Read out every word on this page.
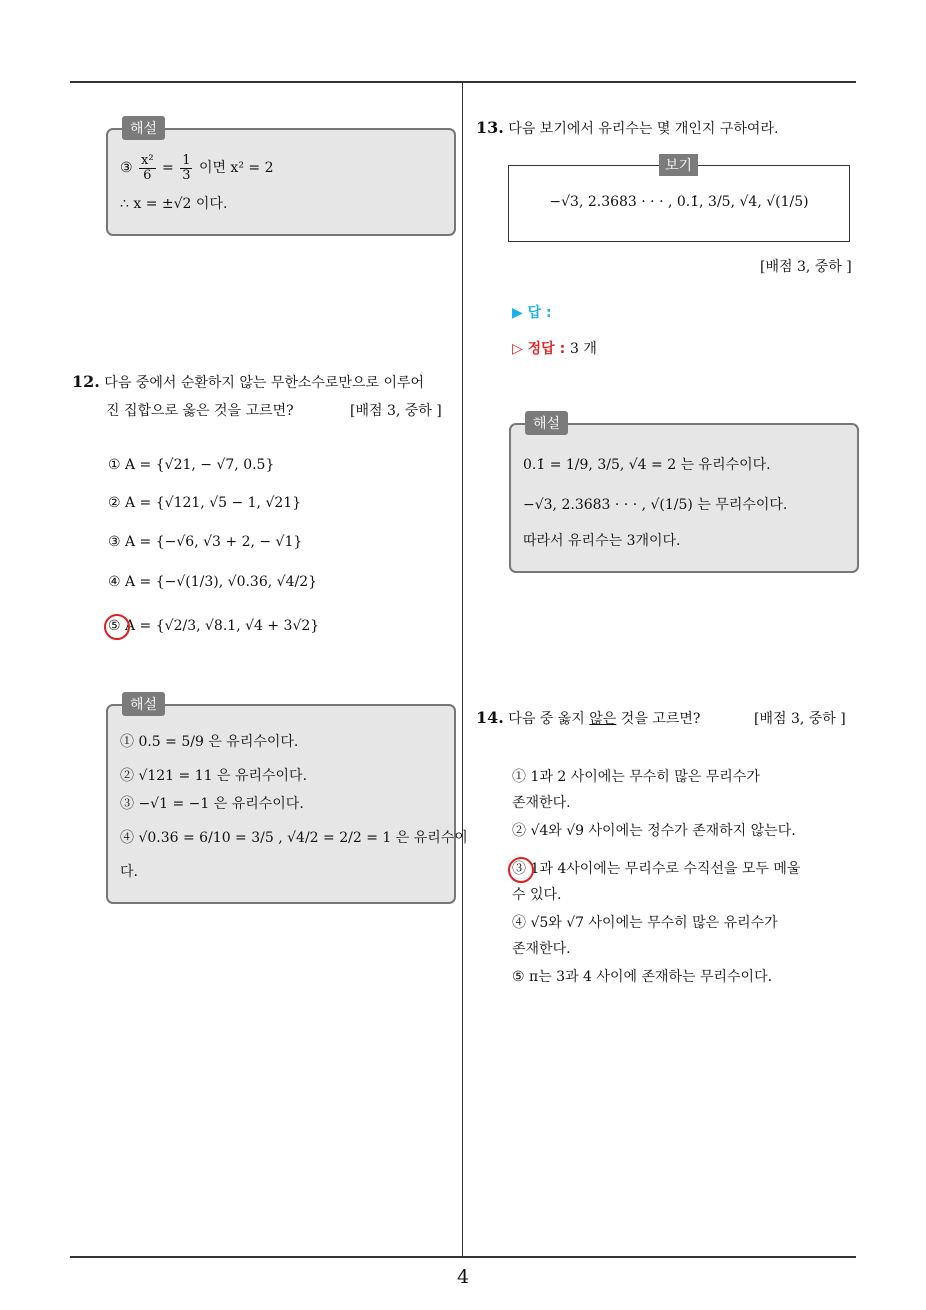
해설
③ $\frac{\text{x²}}{6} = \frac{1}{3}$ 이면 x² = 2
∴ x = ±√2 이다.
12. 다음 중에서 순환하지 않는 무한소수로만으로 이루어
진 집합으로 옳은 것을 고르면?	[배점 3, 중하 ]
① A = {√21, − √7, 0.5̇}
② A = {√121, √5 − 1, √21}
③ A = {−√6, √3 + 2, − √1}
④ A = {−√(1/3), √0.36, √4/2}
⑤ A = {√2/3, √8.1, √4 + 3√2}
해설
① 0.5̇ = 5/9 은 유리수이다.
② √121 = 11 은 유리수이다.
③ −√1 = −1 은 유리수이다.
④ √0.36 = 6/10 = 3/5 , √4/2 = 2/2 = 1 은 유리수이
다.
13. 다음 보기에서 유리수는 몇 개인지 구하여라.
보기
−√3, 2.3683 · · · , 0.1̇, 3/5, √4, √(1/5)
[배점 3, 중하 ]
▶ 답 :
▷ 정답 : 3 개
해설
0.1̇ = 1/9, 3/5, √4 = 2 는 유리수이다.
−√3, 2.3683 · · · , √(1/5) 는 무리수이다.
따라서 유리수는 3개이다.
14. 다음 중 옳지 않은 것을 고르면?	[배점 3, 중하 ]
① 1과 2 사이에는 무수히 많은 무리수가
존재한다.
② √4와 √9 사이에는 정수가 존재하지 않는다.
③ 1과 4사이에는 무리수로 수직선을 모두 메울
수 있다.
④ √5와 √7 사이에는 무수히 많은 유리수가
존재한다.
⑤ π는 3과 4 사이에 존재하는 무리수이다.
4
